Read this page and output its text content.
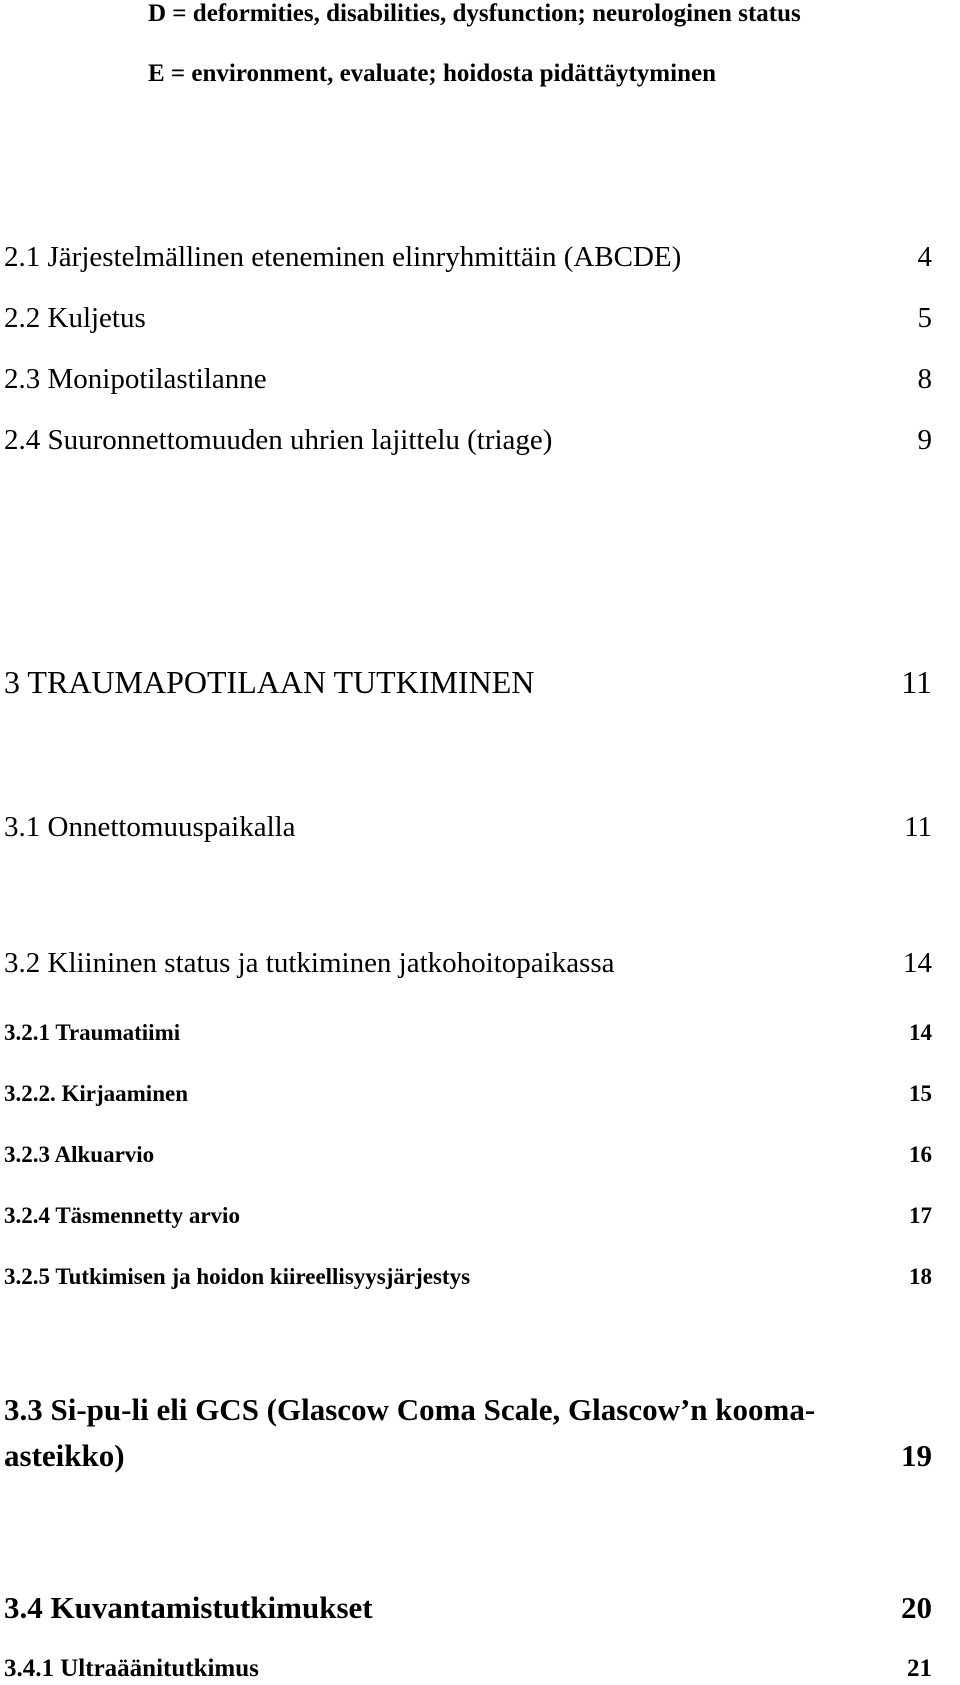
D = deformities, disabilities, dysfunction; neurologinen status
E = environment, evaluate; hoidosta pidättäytyminen
2.1 Järjestelmällinen eteneminen elinryhmittäin (ABCDE)	4
2.2 Kuljetus	5
2.3 Monipotilastilanne	8
2.4 Suuronnettomuuden uhrien lajittelu (triage)	9
3 TRAUMAPOTILAAN TUTKIMINEN	11
3.1 Onnettomuuspaikalla	11
3.2 Kliininen status ja tutkiminen jatkohoitopaikassa	14
3.2.1 Traumatiimi	14
3.2.2. Kirjaaminen	15
3.2.3 Alkuarvio	16
3.2.4 Täsmennetty arvio	17
3.2.5 Tutkimisen ja hoidon kiireellisyysjärjestys	18
3.3 Si-pu-li eli GCS (Glascow Coma Scale, Glascow’n kooma-
asteikko)	19
3.4 Kuvantamistutkimukset	20
3.4.1 Ultraäänitutkimus	21
